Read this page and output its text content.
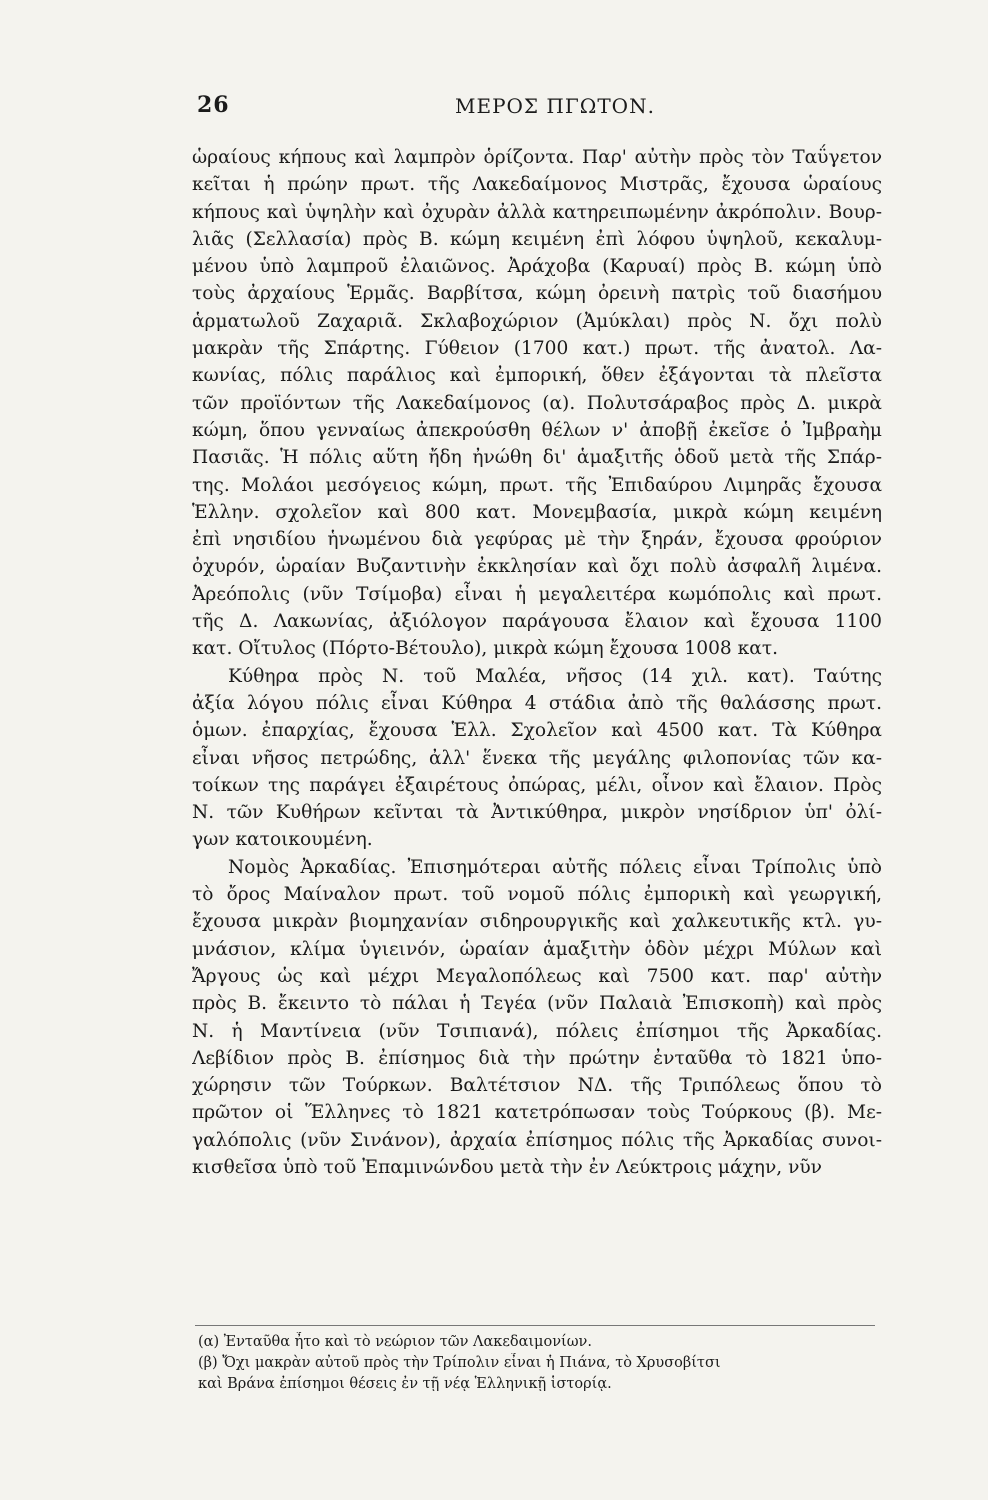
26	ΜΕΡΟΣ ΠΓΩΤΟΝ.
ὡραίους κήπους καὶ λαμπρὸν ὁρίζοντα. Παρ' αὐτὴν πρὸς τὸν Ταΰγετον
κεῖται ἡ πρώην πρωτ. τῆς Λακεδαίμονος Μιστρᾶς, ἔχουσα ὡραίους
κήπους καὶ ὑψηλὴν καὶ ὀχυρὰν ἀλλὰ κατηρειπωμένην ἀκρόπολιν. Βουρ-
λιᾶς (Σελλασία) πρὸς Β. κώμη κειμένη ἐπὶ λόφου ὑψηλοῦ, κεκαλυμ-
μένου ὑπὸ λαμπροῦ ἐλαιῶνος. Ἀράχοβα (Καρυαί) πρὸς Β. κώμη ὑπὸ
τοὺς ἀρχαίους Ἑρμᾶς. Βαρβίτσα, κώμη ὀρεινὴ πατρὶς τοῦ διασήμου
ἁρματωλοῦ Ζαχαριᾶ. Σκλαβοχώριον (Ἀμύκλαι) πρὸς Ν. ὄχι πολὺ
μακρὰν τῆς Σπάρτης. Γύθειον (1700 κατ.) πρωτ. τῆς ἀνατολ. Λα-
κωνίας, πόλις παράλιος καὶ ἐμπορική, ὅθεν ἐξάγονται τὰ πλεῖστα
τῶν προϊόντων τῆς Λακεδαίμονος (α). Πολυτσάραβος πρὸς Δ. μικρὰ
κώμη, ὅπου γενναίως ἀπεκρούσθη θέλων ν' ἀποβῇ ἐκεῖσε ὁ Ἰμβραὴμ
Πασιᾶς. Ἡ πόλις αὕτη ἤδη ἠνώθη δι' ἁμαξιτῆς ὁδοῦ μετὰ τῆς Σπάρ-
της. Μολάοι μεσόγειος κώμη, πρωτ. τῆς Ἐπιδαύρου Λιμηρᾶς ἔχουσα
Ἑλλην. σχολεῖον καὶ 800 κατ. Μονεμβασία, μικρὰ κώμη κειμένη
ἐπὶ νησιδίου ἡνωμένου διὰ γεφύρας μὲ τὴν ξηράν, ἔχουσα φρούριον
ὀχυρόν, ὡραίαν Βυζαντινὴν ἐκκλησίαν καὶ ὄχι πολὺ ἀσφαλῆ λιμένα.
Ἀρεόπολις (νῦν Τσίμοβα) εἶναι ἡ μεγαλειτέρα κωμόπολις καὶ πρωτ.
τῆς Δ. Λακωνίας, ἀξιόλογον παράγουσα ἔλαιον καὶ ἔχουσα 1100
κατ. Οἴτυλος (Πόρτο-Βέτουλο), μικρὰ κώμη ἔχουσα 1008 κατ.
Κύθηρα πρὸς Ν. τοῦ Μαλέα, νῆσος (14 χιλ. κατ). Ταύτης
ἀξία λόγου πόλις εἶναι Κύθηρα 4 στάδια ἀπὸ τῆς θαλάσσης πρωτ.
ὁμων. ἐπαρχίας, ἔχουσα Ἑλλ. Σχολεῖον καὶ 4500 κατ. Τὰ Κύθηρα
εἶναι νῆσος πετρώδης, ἀλλ' ἕνεκα τῆς μεγάλης φιλοπονίας τῶν κα-
τοίκων της παράγει ἐξαιρέτους ὀπώρας, μέλι, οἶνον καὶ ἔλαιον. Πρὸς
Ν. τῶν Κυθήρων κεῖνται τὰ Ἀντικύθηρα, μικρὸν νησίδριον ὑπ' ὀλί-
γων κατοικουμένη.
Νομὸς Ἀρκαδίας. Ἐπισημότεραι αὐτῆς πόλεις εἶναι Τρίπολις ὑπὸ
τὸ ὄρος Μαίναλον πρωτ. τοῦ νομοῦ πόλις ἐμπορικὴ καὶ γεωργική,
ἔχουσα μικρὰν βιομηχανίαν σιδηρουργικῆς καὶ χαλκευτικῆς κτλ. γυ-
μνάσιον, κλίμα ὑγιεινόν, ὡραίαν ἁμαξιτὴν ὁδὸν μέχρι Μύλων καὶ
Ἄργους ὡς καὶ μέχρι Μεγαλοπόλεως καὶ 7500 κατ. παρ' αὐτὴν
πρὸς Β. ἔκειντο τὸ πάλαι ἡ Τεγέα (νῦν Παλαιὰ Ἐπισκοπὴ) καὶ πρὸς
Ν. ἡ Μαντίνεια (νῦν Τσιπιανά), πόλεις ἐπίσημοι τῆς Ἀρκαδίας.
Λεβίδιον πρὸς Β. ἐπίσημος διὰ τὴν πρώτην ἐνταῦθα τὸ 1821 ὑπο-
χώρησιν τῶν Τούρκων. Βαλτέτσιον ΝΔ. τῆς Τριπόλεως ὅπου τὸ
πρῶτον οἱ Ἕλληνες τὸ 1821 κατετρόπωσαν τοὺς Τούρκους (β). Με-
γαλόπολις (νῦν Σινάνον), ἀρχαία ἐπίσημος πόλις τῆς Ἀρκαδίας συνοι-
κισθεῖσα ὑπὸ τοῦ Ἐπαμινώνδου μετὰ τὴν ἐν Λεύκτροις μάχην, νῦν
(α) Ἐνταῦθα ἦτο καὶ τὸ νεώριον τῶν Λακεδαιμονίων.
(β) Ὄχι μακρὰν αὐτοῦ πρὸς τὴν Τρίπολιν εἶναι ἡ Πιάνα, τὸ Χρυσοβίτσι
καὶ Βράνα ἐπίσημοι θέσεις ἐν τῇ νέᾳ Ἑλληνικῇ ἱστορίᾳ.
